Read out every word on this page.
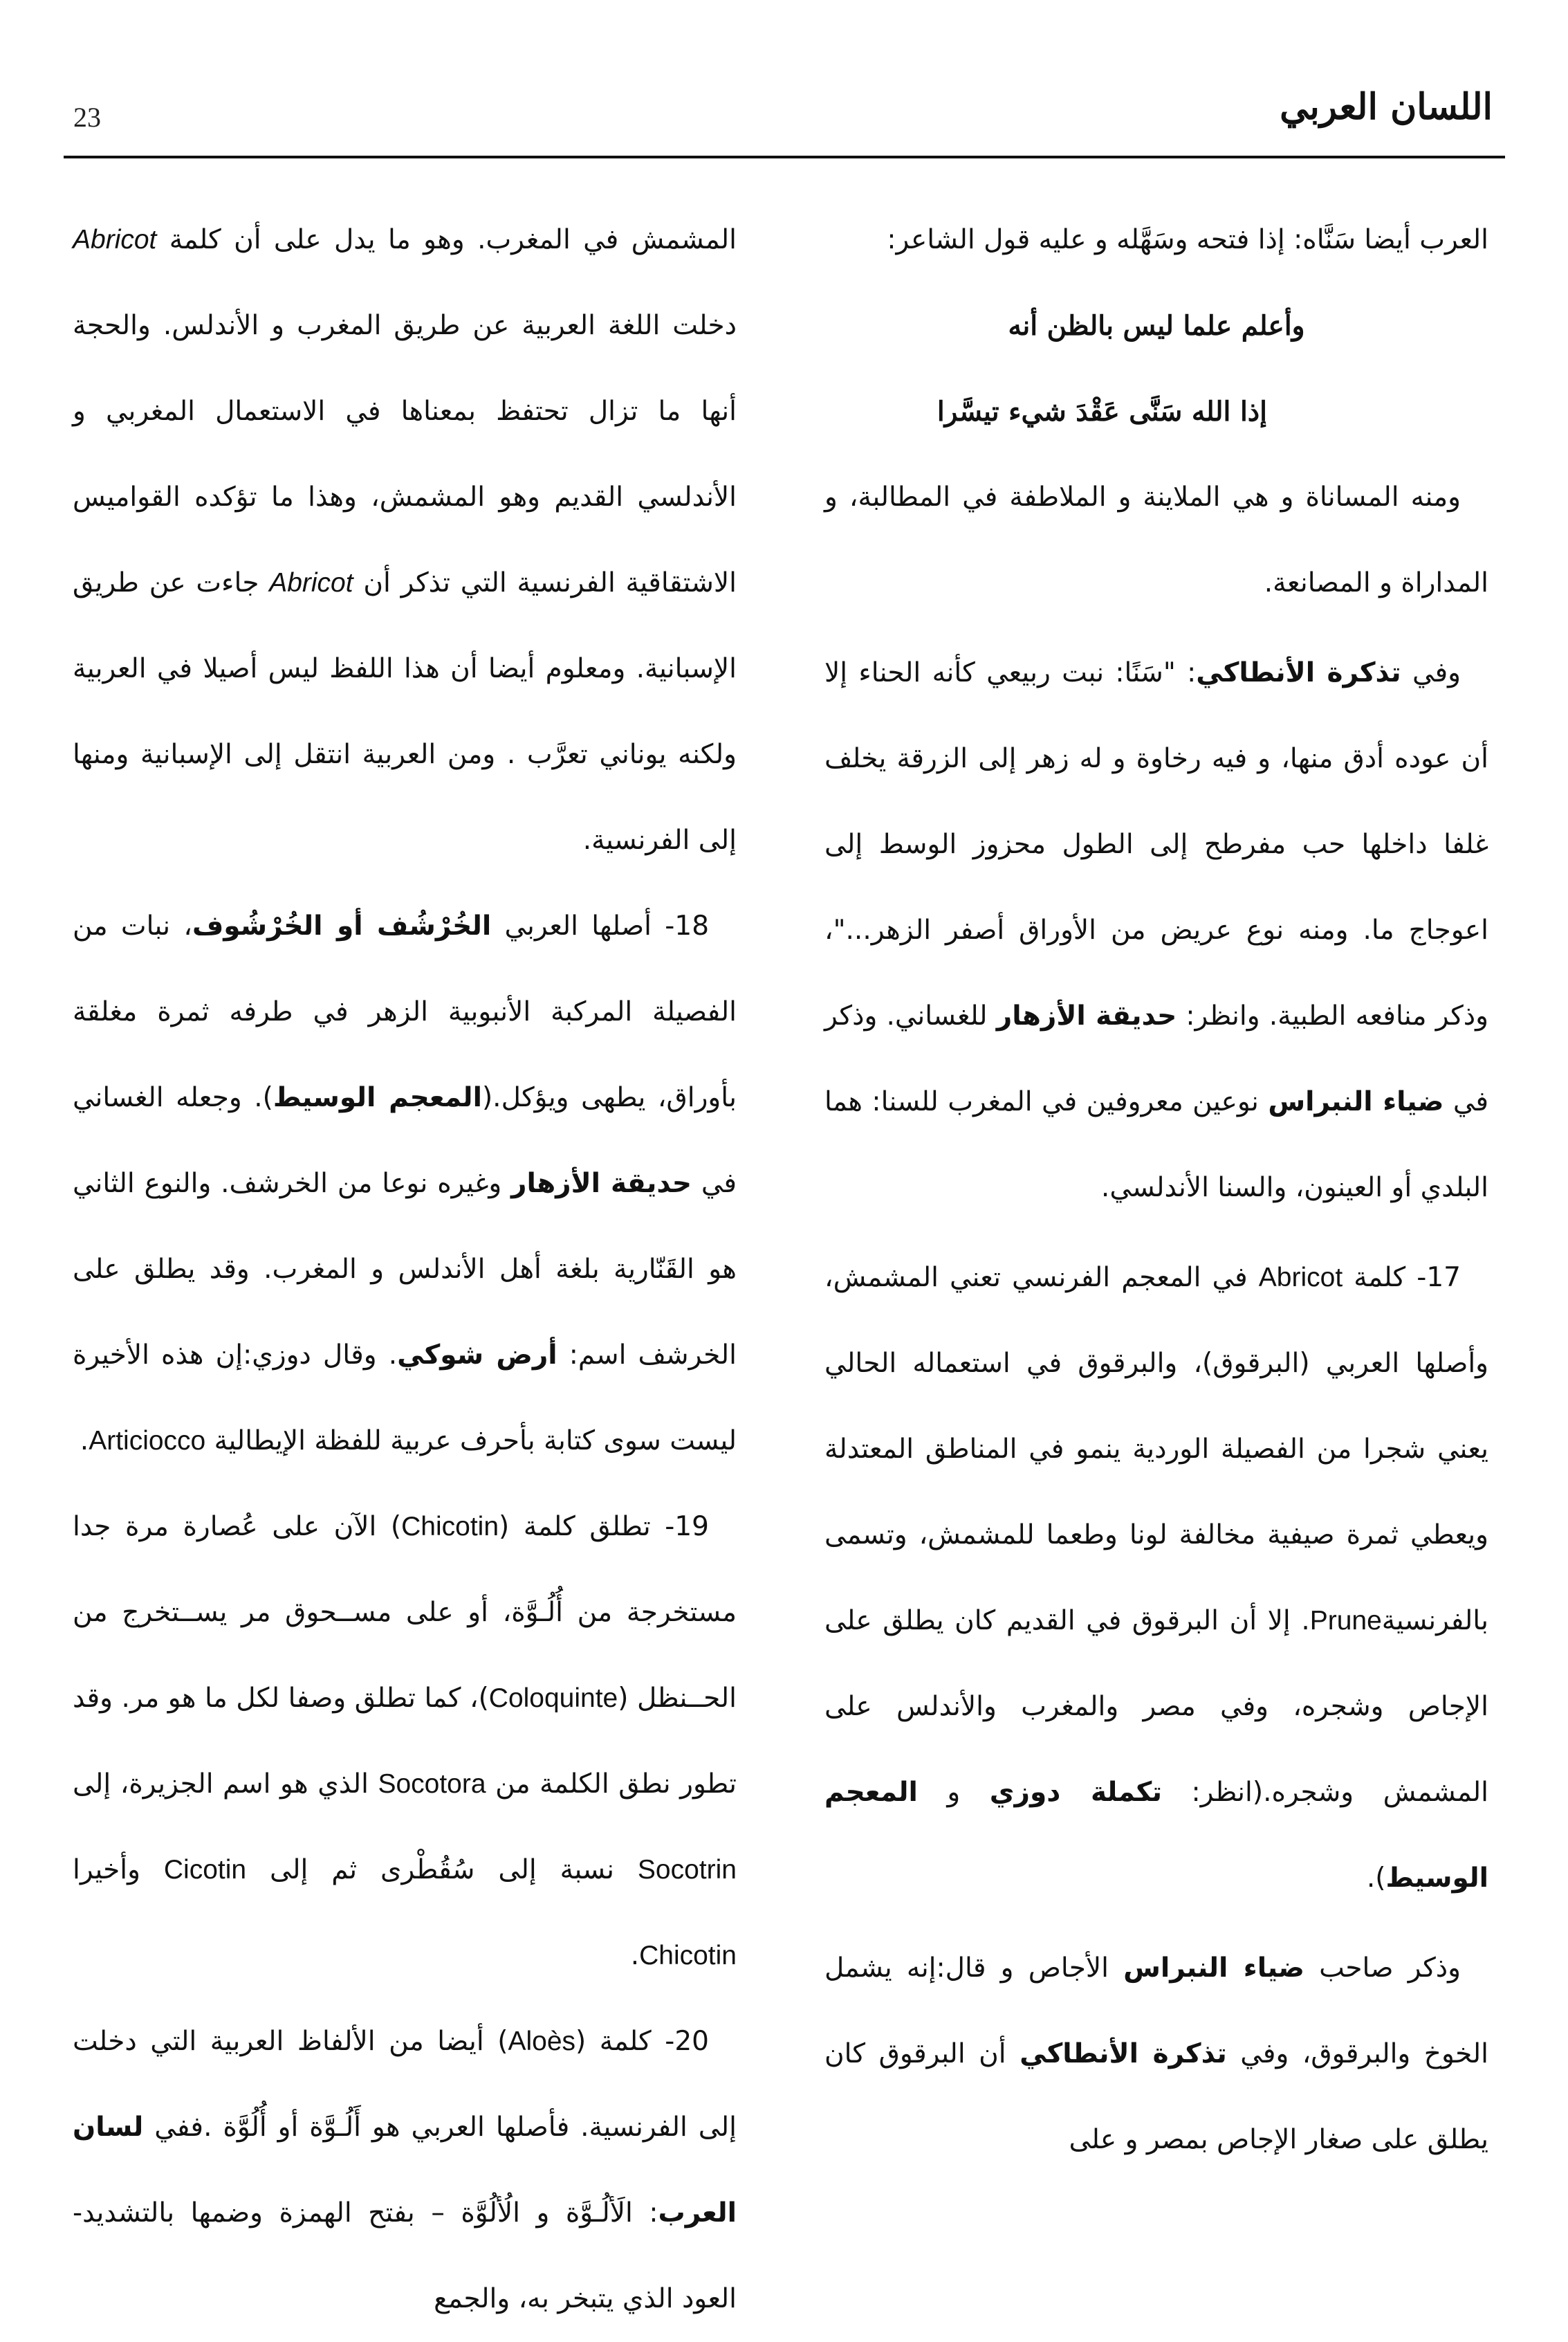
23	اللسان العربي

العرب أيضا سَنَّاه: إذا فتحه وسَهَّله و عليه قول الشاعر:

وأعلم علما ليس بالظن أنه

إذا الله سَنَّى عَقْدَ شيء تيسَّرا

ومنه المساناة و هي الملاينة و الملاطفة في المطالبة، و المداراة و المصانعة.

وفي تذكرة الأنطاكي: "سَنًا: نبت ربيعي كأنه الحناء إلا أن عوده أدق منها، و فيه رخاوة و له زهر إلى الزرقة يخلف غلفا داخلها حب مفرطح إلى الطول محزوز الوسط إلى اعوجاج ما. ومنه نوع عريض من الأوراق أصفر الزهر..."، وذكر منافعه الطبية. وانظر: حديقة الأزهار للغساني. وذكر في ضياء النبراس نوعين معروفين في المغرب للسنا: هما البلدي أو العينون، والسنا الأندلسي.

17- كلمة Abricot في المعجم الفرنسي تعني المشمش، وأصلها العربي (البرقوق)، والبرقوق في استعماله الحالي يعني شجرا من الفصيلة الوردية ينمو في المناطق المعتدلة ويعطي ثمرة صيفية مخالفة لونا وطعما للمشمش، وتسمى بالفرنسيةPrune. إلا أن البرقوق في القديم كان يطلق على الإجاص وشجره، وفي مصر والمغرب والأندلس على المشمش وشجره.(انظر: تكملة دوزي و المعجم الوسيط).

وذكر صاحب ضياء النبراس الأجاص و قال:إنه يشمل الخوخ والبرقوق، وفي تذكرة الأنطاكي أن البرقوق كان يطلق على صغار الإجاص بمصر و على

المشمش في المغرب. وهو ما يدل على أن كلمة Abricot دخلت اللغة العربية عن طريق المغرب و الأندلس. والحجة أنها ما تزال تحتفظ بمعناها في الاستعمال المغربي و الأندلسي القديم وهو المشمش، وهذا ما تؤكده القواميس الاشتقاقية الفرنسية التي تذكر أن Abricot جاءت عن طريق الإسبانية. ومعلوم أيضا أن هذا اللفظ ليس أصيلا في العربية ولكنه يوناني تعرَّب . ومن العربية انتقل إلى الإسبانية ومنها إلى الفرنسية.

18- أصلها العربي الخُرْشُف أو الخُرْشُوف، نبات من الفصيلة المركبة الأنبوبية الزهر في طرفه ثمرة مغلقة بأوراق، يطهى ويؤكل.(المعجم الوسيط). وجعله الغساني في حديقة الأزهار وغيره نوعا من الخرشف. والنوع الثاني هو القَنّارية بلغة أهل الأندلس و المغرب. وقد يطلق على الخرشف اسم: أرض شوكي. وقال دوزي:إن هذه الأخيرة ليست سوى كتابة بأحرف عربية للفظة الإيطالية Articiocco.

19- تطلق كلمة (Chicotin) الآن على عُصارة مرة جدا مستخرجة من أُلُـوَّة، أو على مســحوق مر يســتخرج من الحــنظل (Coloquinte)، كما تطلق وصفا لكل ما هو مر. وقد تطور نطق الكلمة من Socotora الذي هو اسم الجزيرة، إلى Socotrin نسبة إلى سُقُطْرى ثم إلى Cicotin وأخيرا Chicotin.

20- كلمة (Aloès) أيضا من الألفاظ العربية التي دخلت إلى الفرنسية. فأصلها العربي هو أَلُـوَّة أو أُلُوَّة .ففي لسان العرب: الَألُـوَّة و الُألُوَّة – بفتح الهمزة وضمها بالتشديد- العود الذي يتبخر به، والجمع
